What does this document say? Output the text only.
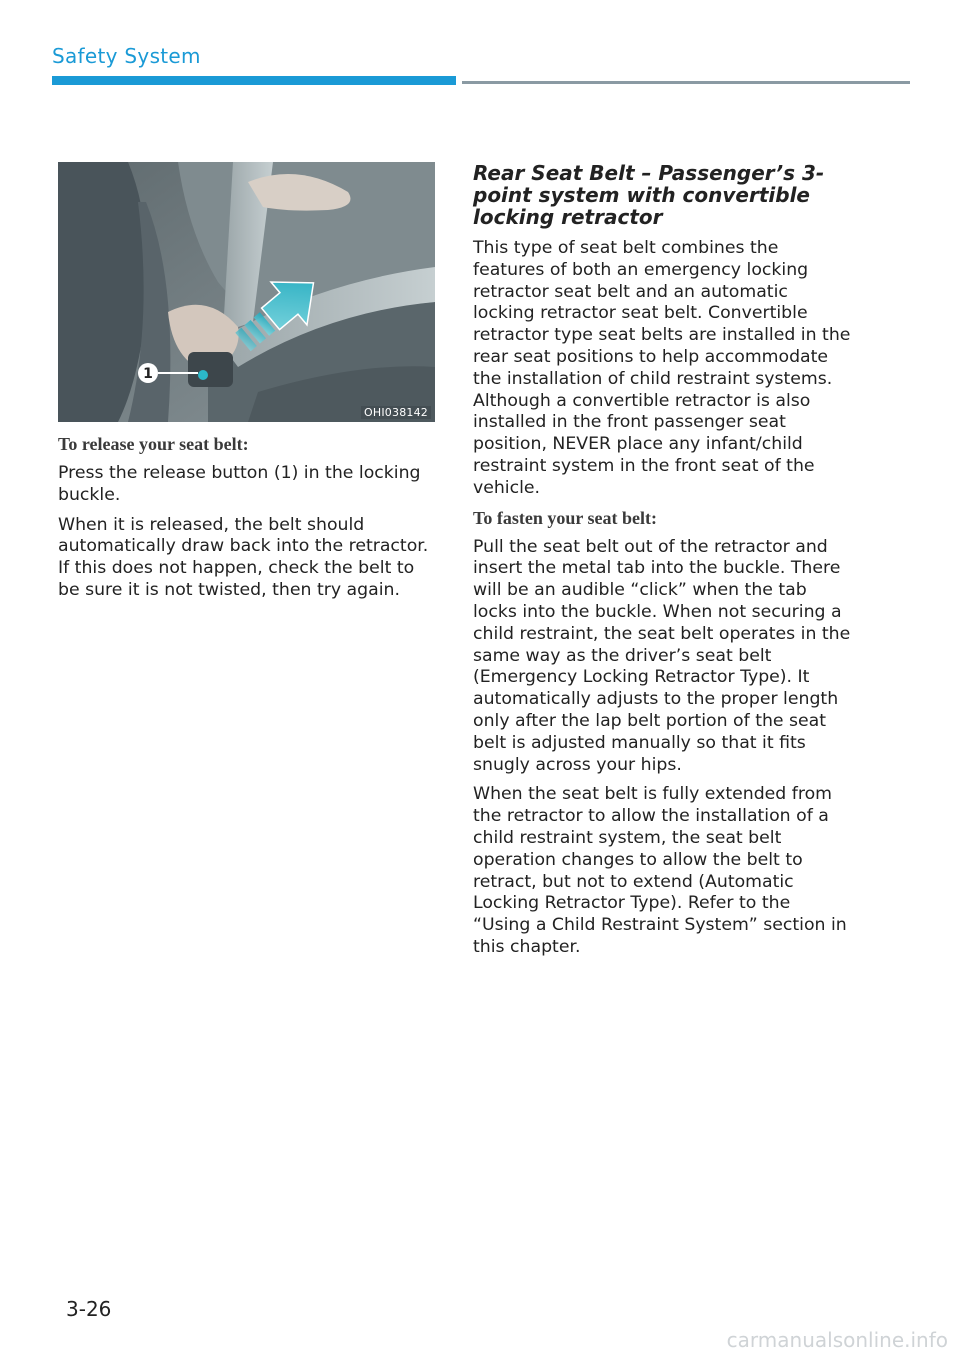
Safety System
1
OHI038142
To release your seat belt:

Press the release button (1) in the locking buckle.

When it is released, the belt should automatically draw back into the retractor. If this does not happen, check the belt to be sure it is not twisted, then try again.

Rear Seat Belt – Passenger’s 3-point system with convertible locking retractor

This type of seat belt combines the features of both an emergency locking retractor seat belt and an automatic locking retractor seat belt. Convertible retractor type seat belts are installed in the rear seat positions to help accommodate the installation of child restraint systems. Although a convertible retractor is also installed in the front passenger seat position, NEVER place any infant/child restraint system in the front seat of the vehicle.

To fasten your seat belt:

Pull the seat belt out of the retractor and insert the metal tab into the buckle. There will be an audible “click” when the tab locks into the buckle. When not securing a child restraint, the seat belt operates in the same way as the driver’s seat belt (Emergency Locking Retractor Type). It automatically adjusts to the proper length only after the lap belt portion of the seat belt is adjusted manually so that it fits snugly across your hips.

When the seat belt is fully extended from the retractor to allow the installation of a child restraint system, the seat belt operation changes to allow the belt to retract, but not to extend (Automatic Locking Retractor Type). Refer to the “Using a Child Restraint System” section in this chapter.

3-26
carmanualsonline.info
